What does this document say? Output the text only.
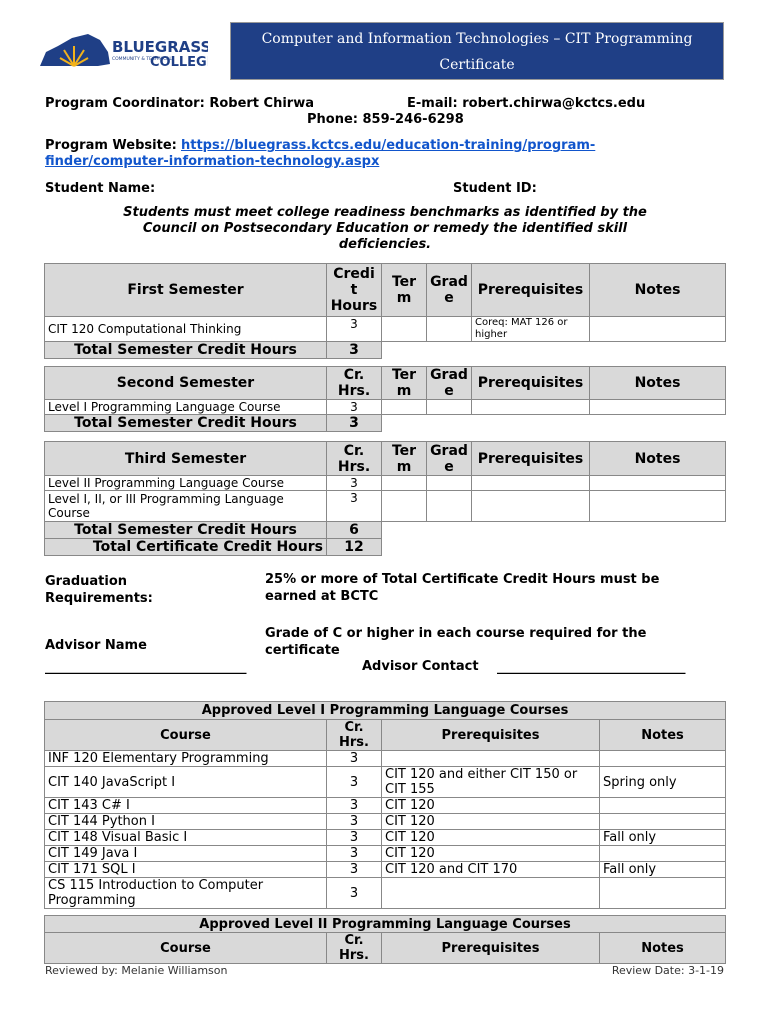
BLUEGRASS
COMMUNITY & TECHNICAL
COLLEG
Computer and Information Technologies – CIT Programming
Certificate
Program Coordinator: Robert Chirwa	E-mail: robert.chirwa@kctcs.edu
Phone: 859-246-6298
Program Website: https://bluegrass.kctcs.edu/education-training/program-
finder/computer-information-technology.aspx
Student Name:	Student ID:
Students must meet college readiness benchmarks as identified by the Council on Postsecondary Education or remedy the identified skill deficiencies.
First Semester	Credi t Hours	Ter m	Grad e	Prerequisites	Notes
CIT 120 Computational Thinking	3			Coreq: MAT 126 or higher	
Total Semester Credit Hours	3				
Second Semester	Cr. Hrs.	Ter m	Grad e	Prerequisites	Notes
Level I Programming Language Course	3				
Total Semester Credit Hours	3				
Third Semester	Cr. Hrs.	Ter m	Grad e	Prerequisites	Notes
Level II Programming Language Course	3				
Level I, II, or III Programming Language Course	3				
Total Semester Credit Hours	6				
Total Certificate Credit Hours	12				
Graduation Requirements:
25% or more of Total Certificate Credit Hours must be earned at BCTC
Grade of C or higher in each course required for the certificate
Advisor Name
_______________________________	Advisor Contact _____________________________
Approved Level I Programming Language Courses			
Course	Cr. Hrs.	Prerequisites	Notes
INF 120 Elementary Programming	3		
CIT 140 JavaScript I	3	CIT 120 and either CIT 150 or CIT 155	Spring only
CIT 143 C# I	3	CIT 120	
CIT 144 Python I	3	CIT 120	
CIT 148 Visual Basic I	3	CIT 120	Fall only
CIT 149 Java I	3	CIT 120	
CIT 171 SQL I	3	CIT 120 and CIT 170	Fall only
CS 115 Introduction to Computer Programming	3		
Approved Level II Programming Language Courses
Course	Cr. Hrs.	Prerequisites	Notes
Reviewed by: Melanie Williamson	Review Date: 3-1-19
